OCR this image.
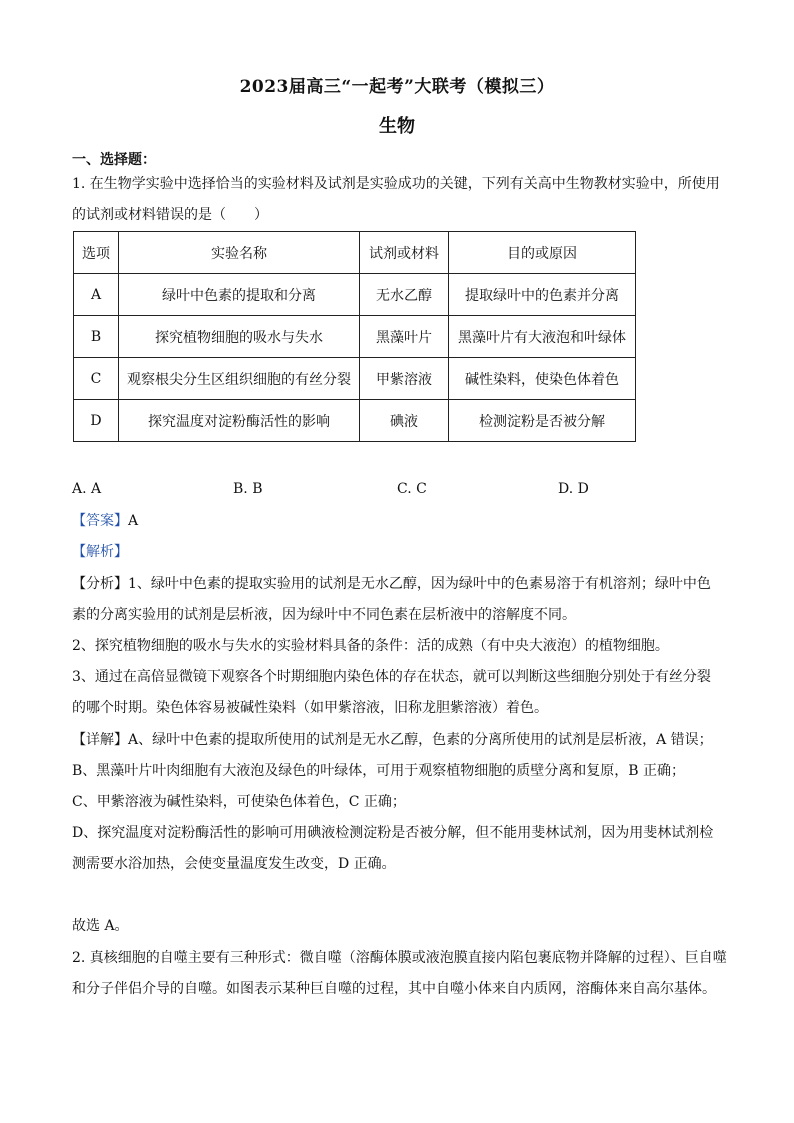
2023届高三“一起考”大联考（模拟三）
生物
一、选择题：
1. 在生物学实验中选择恰当的实验材料及试剂是实验成功的关键，下列有关高中生物教材实验中，所使用
的试剂或材料错误的是（　　）
选项	实验名称	试剂或材料	目的或原因
A	绿叶中色素的提取和分离	无水乙醇	提取绿叶中的色素并分离
B	探究植物细胞的吸水与失水	黑藻叶片	黑藻叶片有大液泡和叶绿体
C	观察根尖分生区组织细胞的有丝分裂	甲紫溶液	碱性染料，使染色体着色
D	探究温度对淀粉酶活性的影响	碘液	检测淀粉是否被分解
A. A	B. B	C. C	D. D
【答案】A
【解析】
【分析】1、绿叶中色素的提取实验用的试剂是无水乙醇，因为绿叶中的色素易溶于有机溶剂；绿叶中色
素的分离实验用的试剂是层析液，因为绿叶中不同色素在层析液中的溶解度不同。
2、探究植物细胞的吸水与失水的实验材料具备的条件：活的成熟（有中央大液泡）的植物细胞。
3、通过在高倍显微镜下观察各个时期细胞内染色体的存在状态，就可以判断这些细胞分别处于有丝分裂
的哪个时期。染色体容易被碱性染料（如甲紫溶液，旧称龙胆紫溶液）着色。
【详解】A、绿叶中色素的提取所使用的试剂是无水乙醇，色素的分离所使用的试剂是层析液，A 错误；
B、黑藻叶片叶肉细胞有大液泡及绿色的叶绿体，可用于观察植物细胞的质壁分离和复原，B 正确；
C、甲紫溶液为碱性染料，可使染色体着色，C 正确；
D、探究温度对淀粉酶活性的影响可用碘液检测淀粉是否被分解，但不能用斐林试剂，因为用斐林试剂检
测需要水浴加热，会使变量温度发生改变，D 正确。
故选 A。
2. 真核细胞的自噬主要有三种形式：微自噬（溶酶体膜或液泡膜直接内陷包裹底物并降解的过程）、巨自噬
和分子伴侣介导的自噬。如图表示某种巨自噬的过程，其中自噬小体来自内质网，溶酶体来自高尔基体。
